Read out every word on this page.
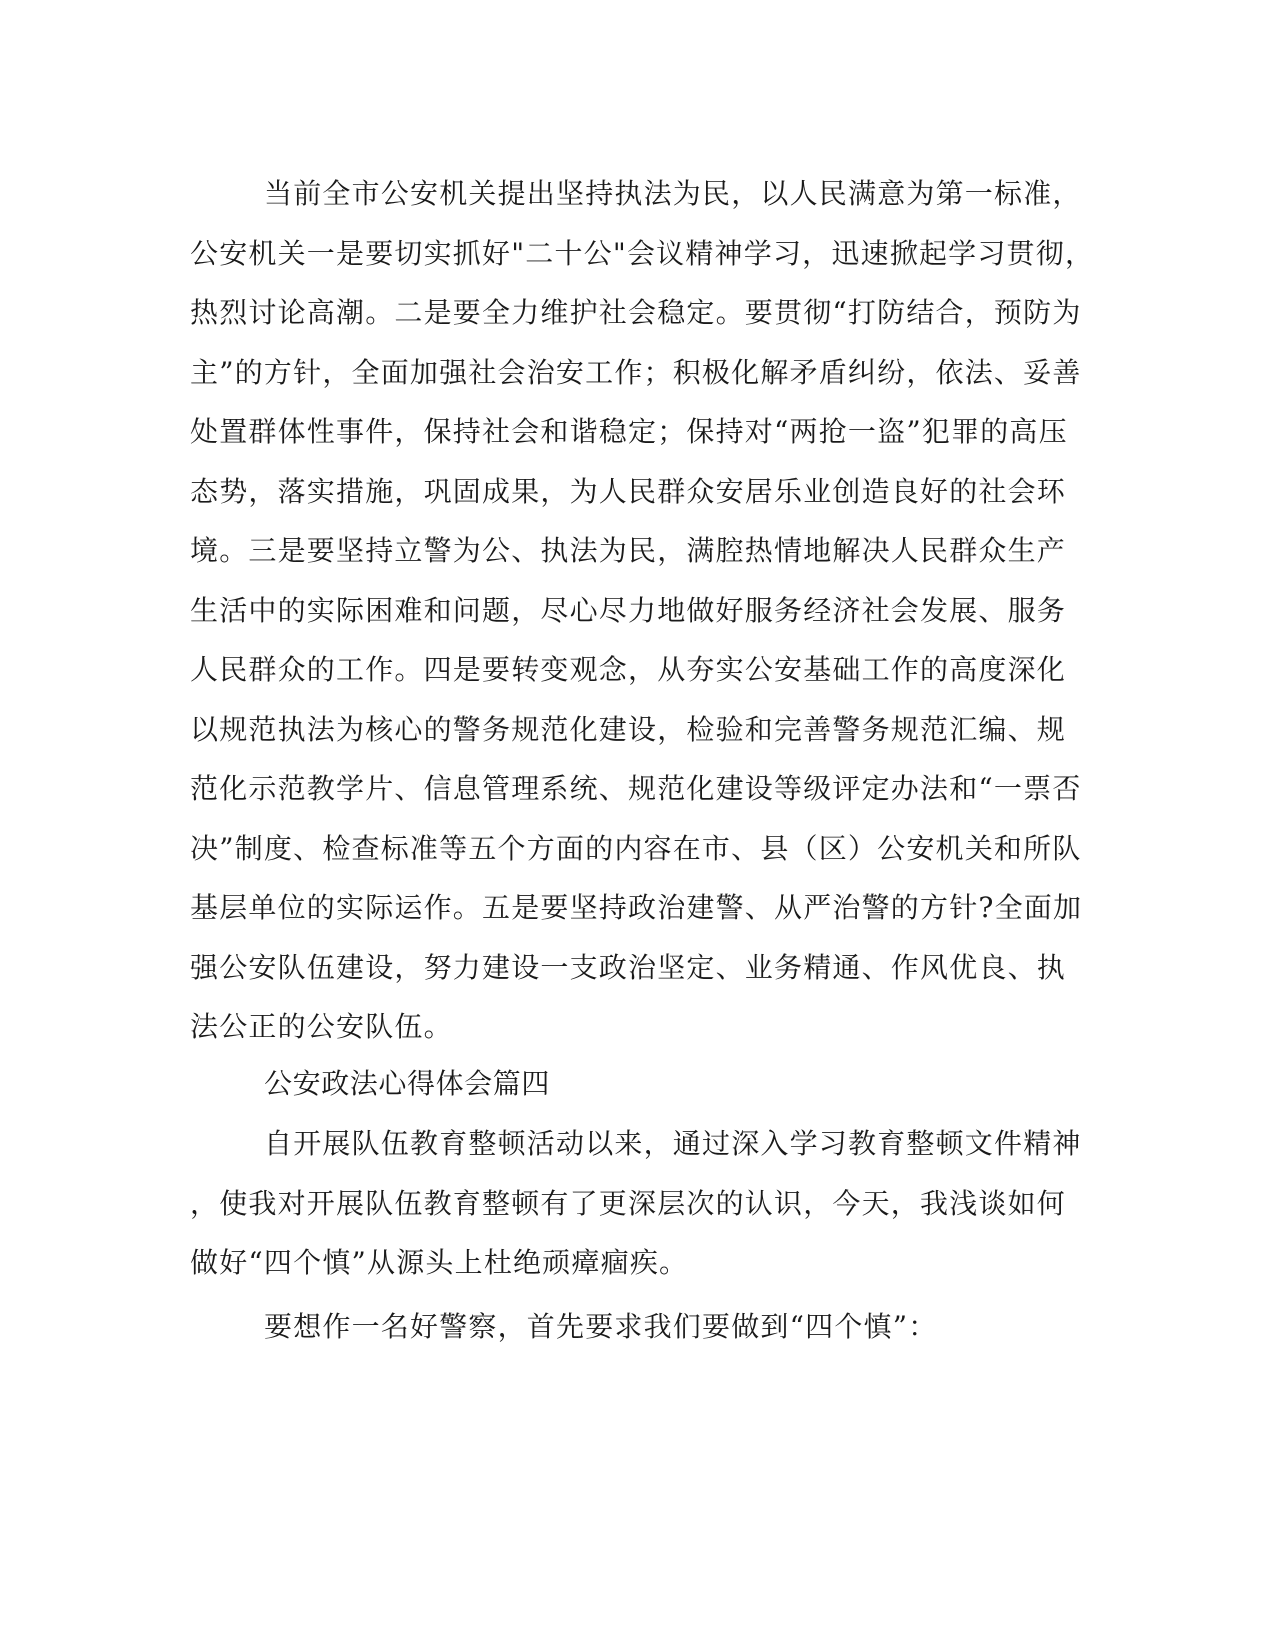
当前全市公安机关提出坚持执法为民，以人民满意为第一标准，
公安机关一是要切实抓好"二十公"会议精神学习，迅速掀起学习贯彻，
热烈讨论高潮。二是要全力维护社会稳定。要贯彻“打防结合，预防为
主”的方针，全面加强社会治安工作；积极化解矛盾纠纷，依法、妥善
处置群体性事件，保持社会和谐稳定；保持对“两抢一盗”犯罪的高压
态势，落实措施，巩固成果，为人民群众安居乐业创造良好的社会环
境。三是要坚持立警为公、执法为民，满腔热情地解决人民群众生产
生活中的实际困难和问题，尽心尽力地做好服务经济社会发展、服务
人民群众的工作。四是要转变观念，从夯实公安基础工作的高度深化
以规范执法为核心的警务规范化建设，检验和完善警务规范汇编、规
范化示范教学片、信息管理系统、规范化建设等级评定办法和“一票否
决”制度、检查标准等五个方面的内容在市、县（区）公安机关和所队
基层单位的实际运作。五是要坚持政治建警、从严治警的方针?全面加
强公安队伍建设，努力建设一支政治坚定、业务精通、作风优良、执
法公正的公安队伍。
公安政法心得体会篇四
自开展队伍教育整顿活动以来，通过深入学习教育整顿文件精神
，使我对开展队伍教育整顿有了更深层次的认识，今天，我浅谈如何
做好“四个慎”从源头上杜绝顽瘴痼疾。
要想作一名好警察，首先要求我们要做到“四个慎”：
